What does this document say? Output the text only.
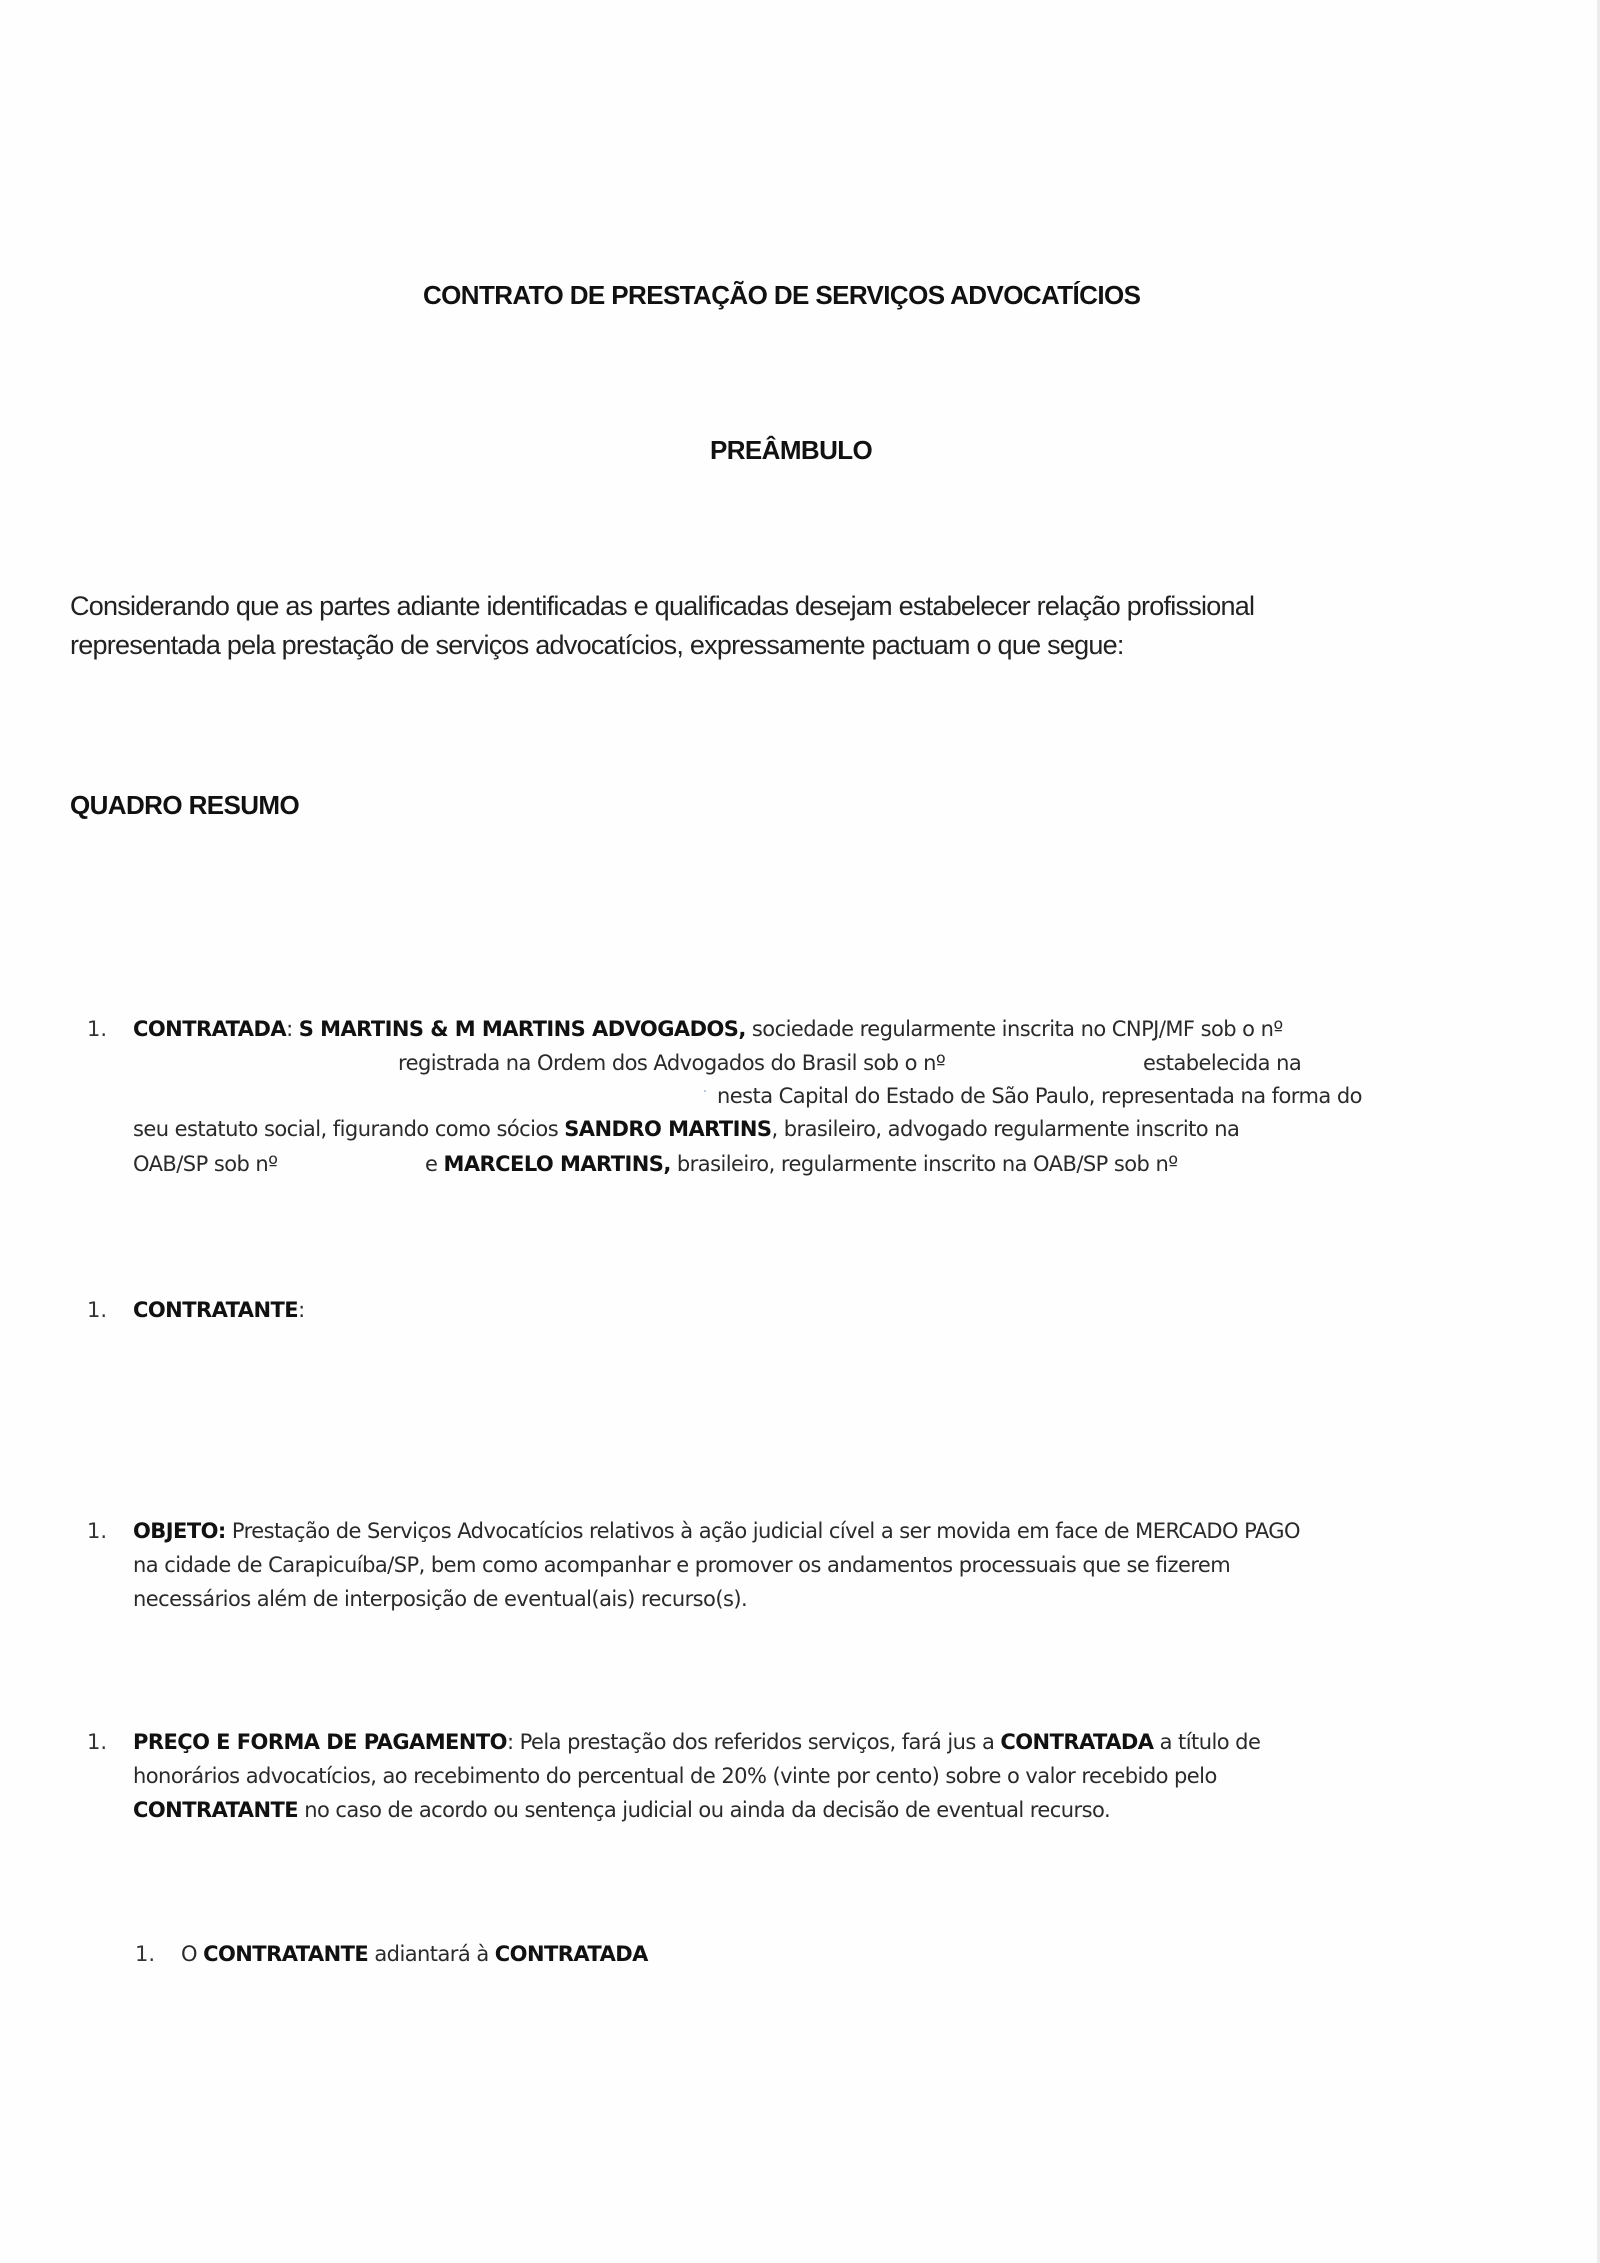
CONTRATO DE PRESTAÇÃO DE SERVIÇOS ADVOCATÍCIOS
PREÂMBULO
Considerando que as partes adiante identificadas e qualificadas desejam estabelecer relação profissional
representada pela prestação de serviços advocatícios, expressamente pactuam o que segue:
QUADRO RESUMO
1. CONTRATADA: S MARTINS & M MARTINS ADVOGADOS, sociedade regularmente inscrita no CNPJ/MF sob o nº
registrada na Ordem dos Advogados do Brasil sob o nº	estabelecida na
nesta Capital do Estado de São Paulo, representada na forma do
seu estatuto social, figurando como sócios SANDRO MARTINS, brasileiro, advogado regularmente inscrito na
OAB/SP sob nº	e MARCELO MARTINS, brasileiro, regularmente inscrito na OAB/SP sob nº
1. CONTRATANTE:
1. OBJETO: Prestação de Serviços Advocatícios relativos à ação judicial cível a ser movida em face de MERCADO PAGO
na cidade de Carapicuíba/SP, bem como acompanhar e promover os andamentos processuais que se fizerem
necessários além de interposição de eventual(ais) recurso(s).
1. PREÇO E FORMA DE PAGAMENTO: Pela prestação dos referidos serviços, fará jus a CONTRATADA a título de
honorários advocatícios, ao recebimento do percentual de 20% (vinte por cento) sobre o valor recebido pelo
CONTRATANTE no caso de acordo ou sentença judicial ou ainda da decisão de eventual recurso.
1. O CONTRATANTE adiantará à CONTRATADA
